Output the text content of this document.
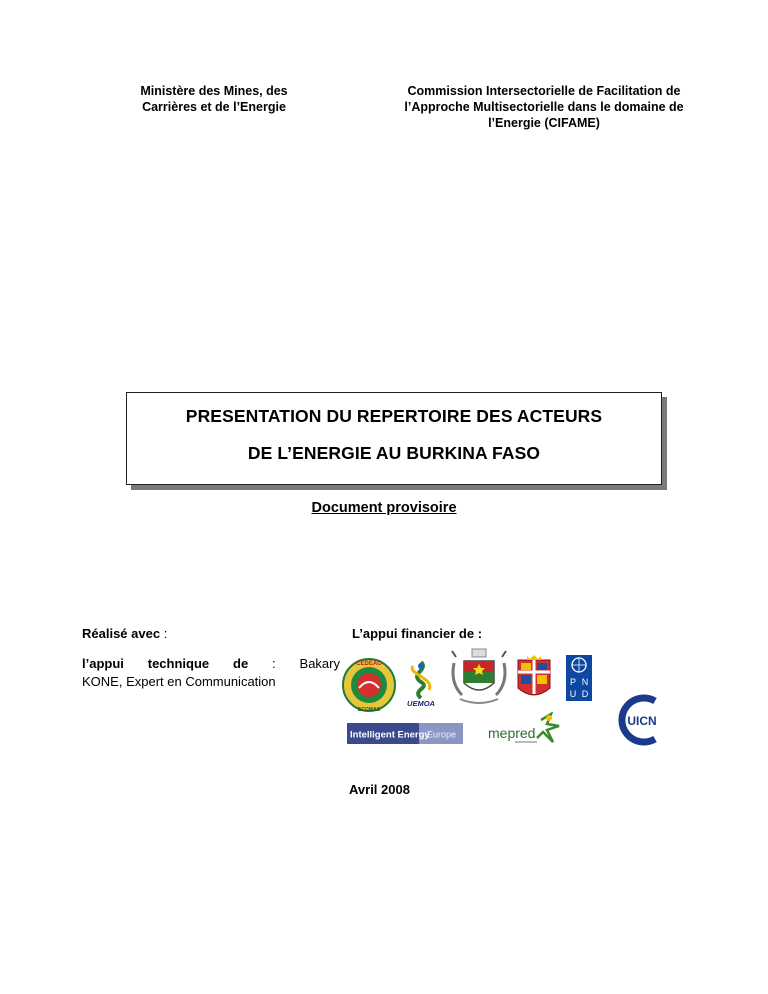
Ministère des Mines, des
Carrières et de l’Energie
Commission Intersectorielle de Facilitation de
l’Approche Multisectorielle dans le domaine de
l’Energie (CIFAME)
PRESENTATION DU REPERTOIRE DES ACTEURS
DE L’ENERGIE AU BURKINA FASO
Document provisoire
Réalisé avec :
l’appui technique de : Bakary
KONE, Expert en Communication
L’appui financier de :
CEDEAO
ECOWAS
UEMOA
P N
U D
Intelligent Energy
Europe mepred
UICN
Avril 2008
